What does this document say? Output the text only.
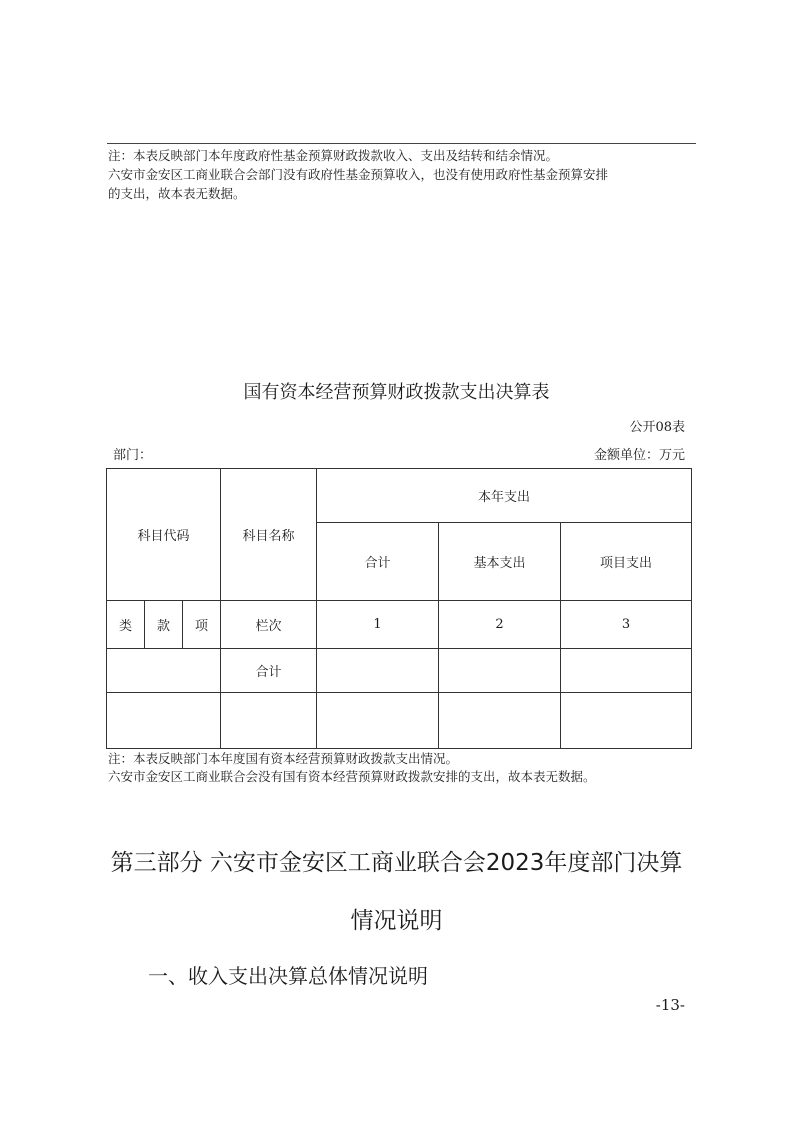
注：本表反映部门本年度政府性基金预算财政拨款收入、支出及结转和结余情况。
六安市金安区工商业联合会部门没有政府性基金预算收入，也没有使用政府性基金预算安排
的支出，故本表无数据。
国有资本经营预算财政拨款支出决算表
公开08表
部门：	金额单位：万元
科目代码			科目名称	本年支出		
				合计	基本支出	项目支出
类	款	项	栏次	1	2	3
			合计			

注：本表反映部门本年度国有资本经营预算财政拨款支出情况。
六安市金安区工商业联合会没有国有资本经营预算财政拨款安排的支出，故本表无数据。
第三部分 六安市金安区工商业联合会2023年度部门决算
情况说明
一、收入支出决算总体情况说明
-13-
